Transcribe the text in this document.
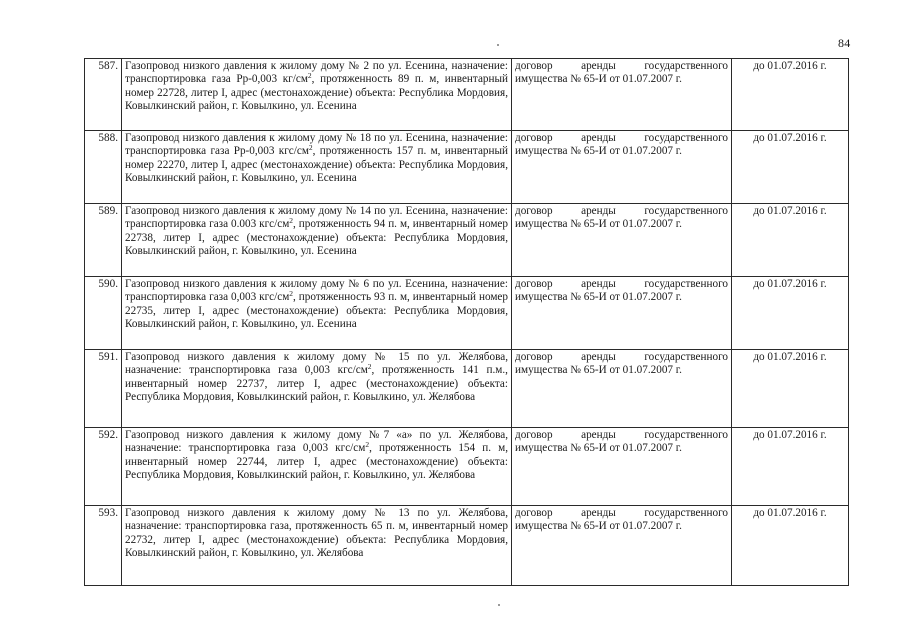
84
587.	Газопровод низкого давления к жилому дому № 2 по ул. Есенина, назначение: транспортировка газа Рр-0,003 $кг/см^2$, протяженность 89 п. м, инвентарный номер 22728, литер I, адрес (местонахождение) объекта: Республика Мордовия, Ковылкинский район, г. Ковылкино, ул. Есенина	договор аренды государственного имущества № 65-И от 01.07.2007 г.	до 01.07.2016 г.
588.	Газопровод низкого давления к жилому дому № 18 по ул. Есенина, назначение: транспортировка газа Рр-0,003 кгс/$см^2$, протяженность 157 п. м, инвентарный номер 22270, литер I, адрес (местонахождение) объекта: Республика Мордовия, Ковылкинский район, г. Ковылкино, ул. Есенина	договор аренды государственного имущества № 65-И от 01.07.2007 г.	до 01.07.2016 г.
589.	Газопровод низкого давления к жилому дому № 14 по ул. Есенина, назначение: транспортировка газа 0.003 кгс/$см^2$, протяженность 94 п. м, инвентарный номер 22738, литер I, адрес (местонахождение) объекта: Республика Мордовия, Ковылкинский район, г. Ковылкино, ул. Есенина	договор аренды государственного имущества № 65-И от 01.07.2007 г.	до 01.07.2016 г.
590.	Газопровод низкого давления к жилому дому № 6 по ул. Есенина, назначение: транспортировка газа 0,003 кгс/$см^2$, протяженность 93 п. м, инвентарный номер 22735, литер I, адрес (местонахождение) объекта: Республика Мордовия, Ковылкинский район, г. Ковылкино, ул. Есенина	договор аренды государственного имущества № 65-И от 01.07.2007 г.	до 01.07.2016 г.
591.	Газопровод низкого давления к жилому дому № 15 по ул. Желябова, назначение: транспортировка газа 0,003 кгс/$см^2$, протяженность 141 п.м., инвентарный номер 22737, литер I, адрес (местонахождение) объекта: Республика Мордовия, Ковылкинский район, г. Ковылкино, ул. Желябова	договор аренды государственного имущества № 65-И от 01.07.2007 г.	до 01.07.2016 г.
592.	Газопровод низкого давления к жилому дому №7 «а» по ул. Желябова, назначение: транспортировка газа 0,003 кгс/$см^2$, протяженность 154 п. м, инвентарный номер 22744, литер I, адрес (местонахождение) объекта: Республика Мордовия, Ковылкинский район, г. Ковылкино, ул. Желябова	договор аренды государственного имущества № 65-И от 01.07.2007 г.	до 01.07.2016 г.
593.	Газопровод низкого давления к жилому дому № 13 по ул. Желябова, назначение: транспортировка газа, протяженность 65 п. м, инвентарный номер 22732, литер I, адрес (местонахождение) объекта: Республика Мордовия, Ковылкинский район, г. Ковылкино, ул. Желябова	договор аренды государственного имущества № 65-И от 01.07.2007 г.	до 01.07.2016 г.
